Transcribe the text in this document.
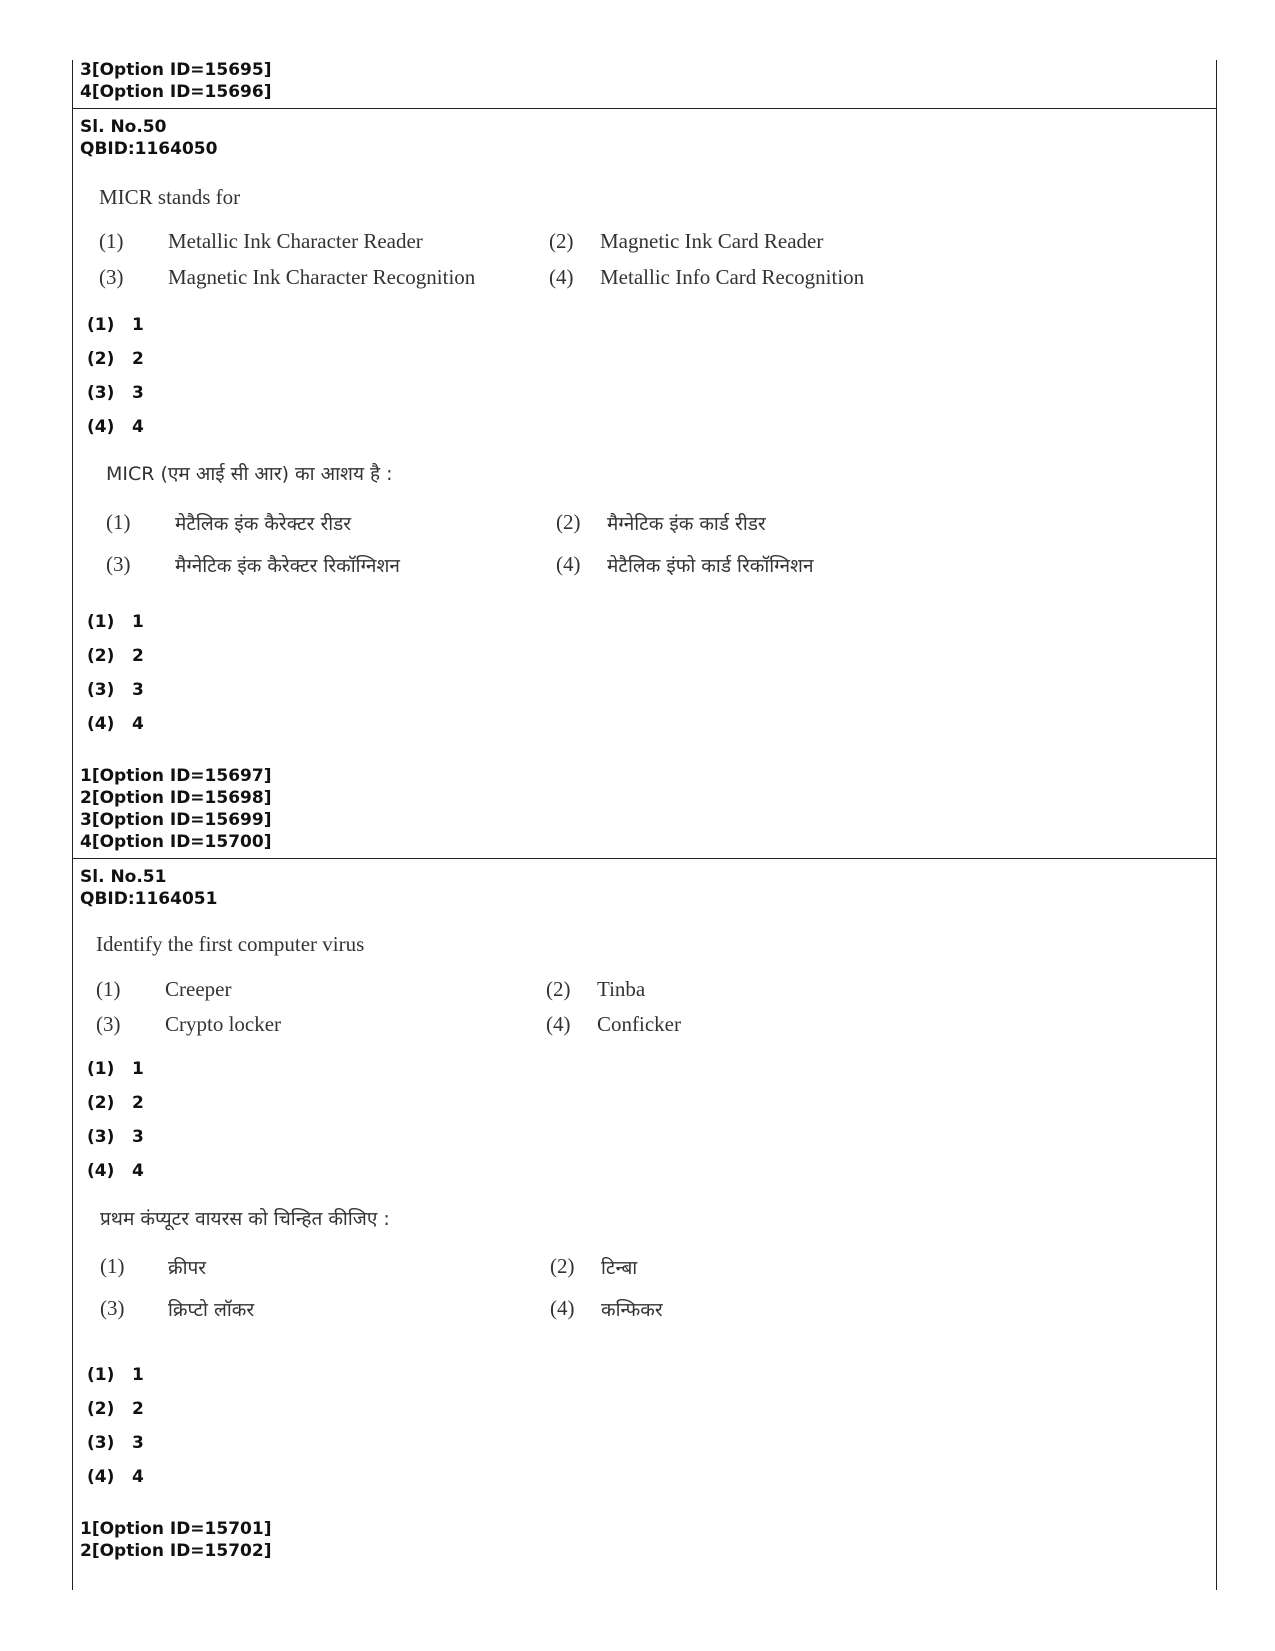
3[Option ID=15695]
4[Option ID=15696]
Sl. No.50
QBID:1164050
MICR stands for
(1) Metallic Ink Character Reader	(2) Magnetic Ink Card Reader
(3) Magnetic Ink Character Recognition	(4) Metallic Info Card Recognition
(1) 1
(2) 2
(3) 3
(4) 4
MICR (एम आई सी आर) का आशय है :
(1) मेटैलिक इंक कैरेक्टर रीडर	(2) मैग्नेटिक इंक कार्ड रीडर
(3) मैग्नेटिक इंक कैरेक्टर रिकॉग्निशन	(4) मेटैलिक इंफो कार्ड रिकॉग्निशन
(1) 1
(2) 2
(3) 3
(4) 4
1[Option ID=15697]
2[Option ID=15698]
3[Option ID=15699]
4[Option ID=15700]
Sl. No.51
QBID:1164051
Identify the first computer virus
(1) Creeper	(2) Tinba
(3) Crypto locker	(4) Conficker
(1) 1
(2) 2
(3) 3
(4) 4
प्रथम कंप्यूटर वायरस को चिन्हित कीजिए :
(1) क्रीपर	(2) टिन्बा
(3) क्रिप्टो लॉकर	(4) कन्फिकर
(1) 1
(2) 2
(3) 3
(4) 4
1[Option ID=15701]
2[Option ID=15702]
